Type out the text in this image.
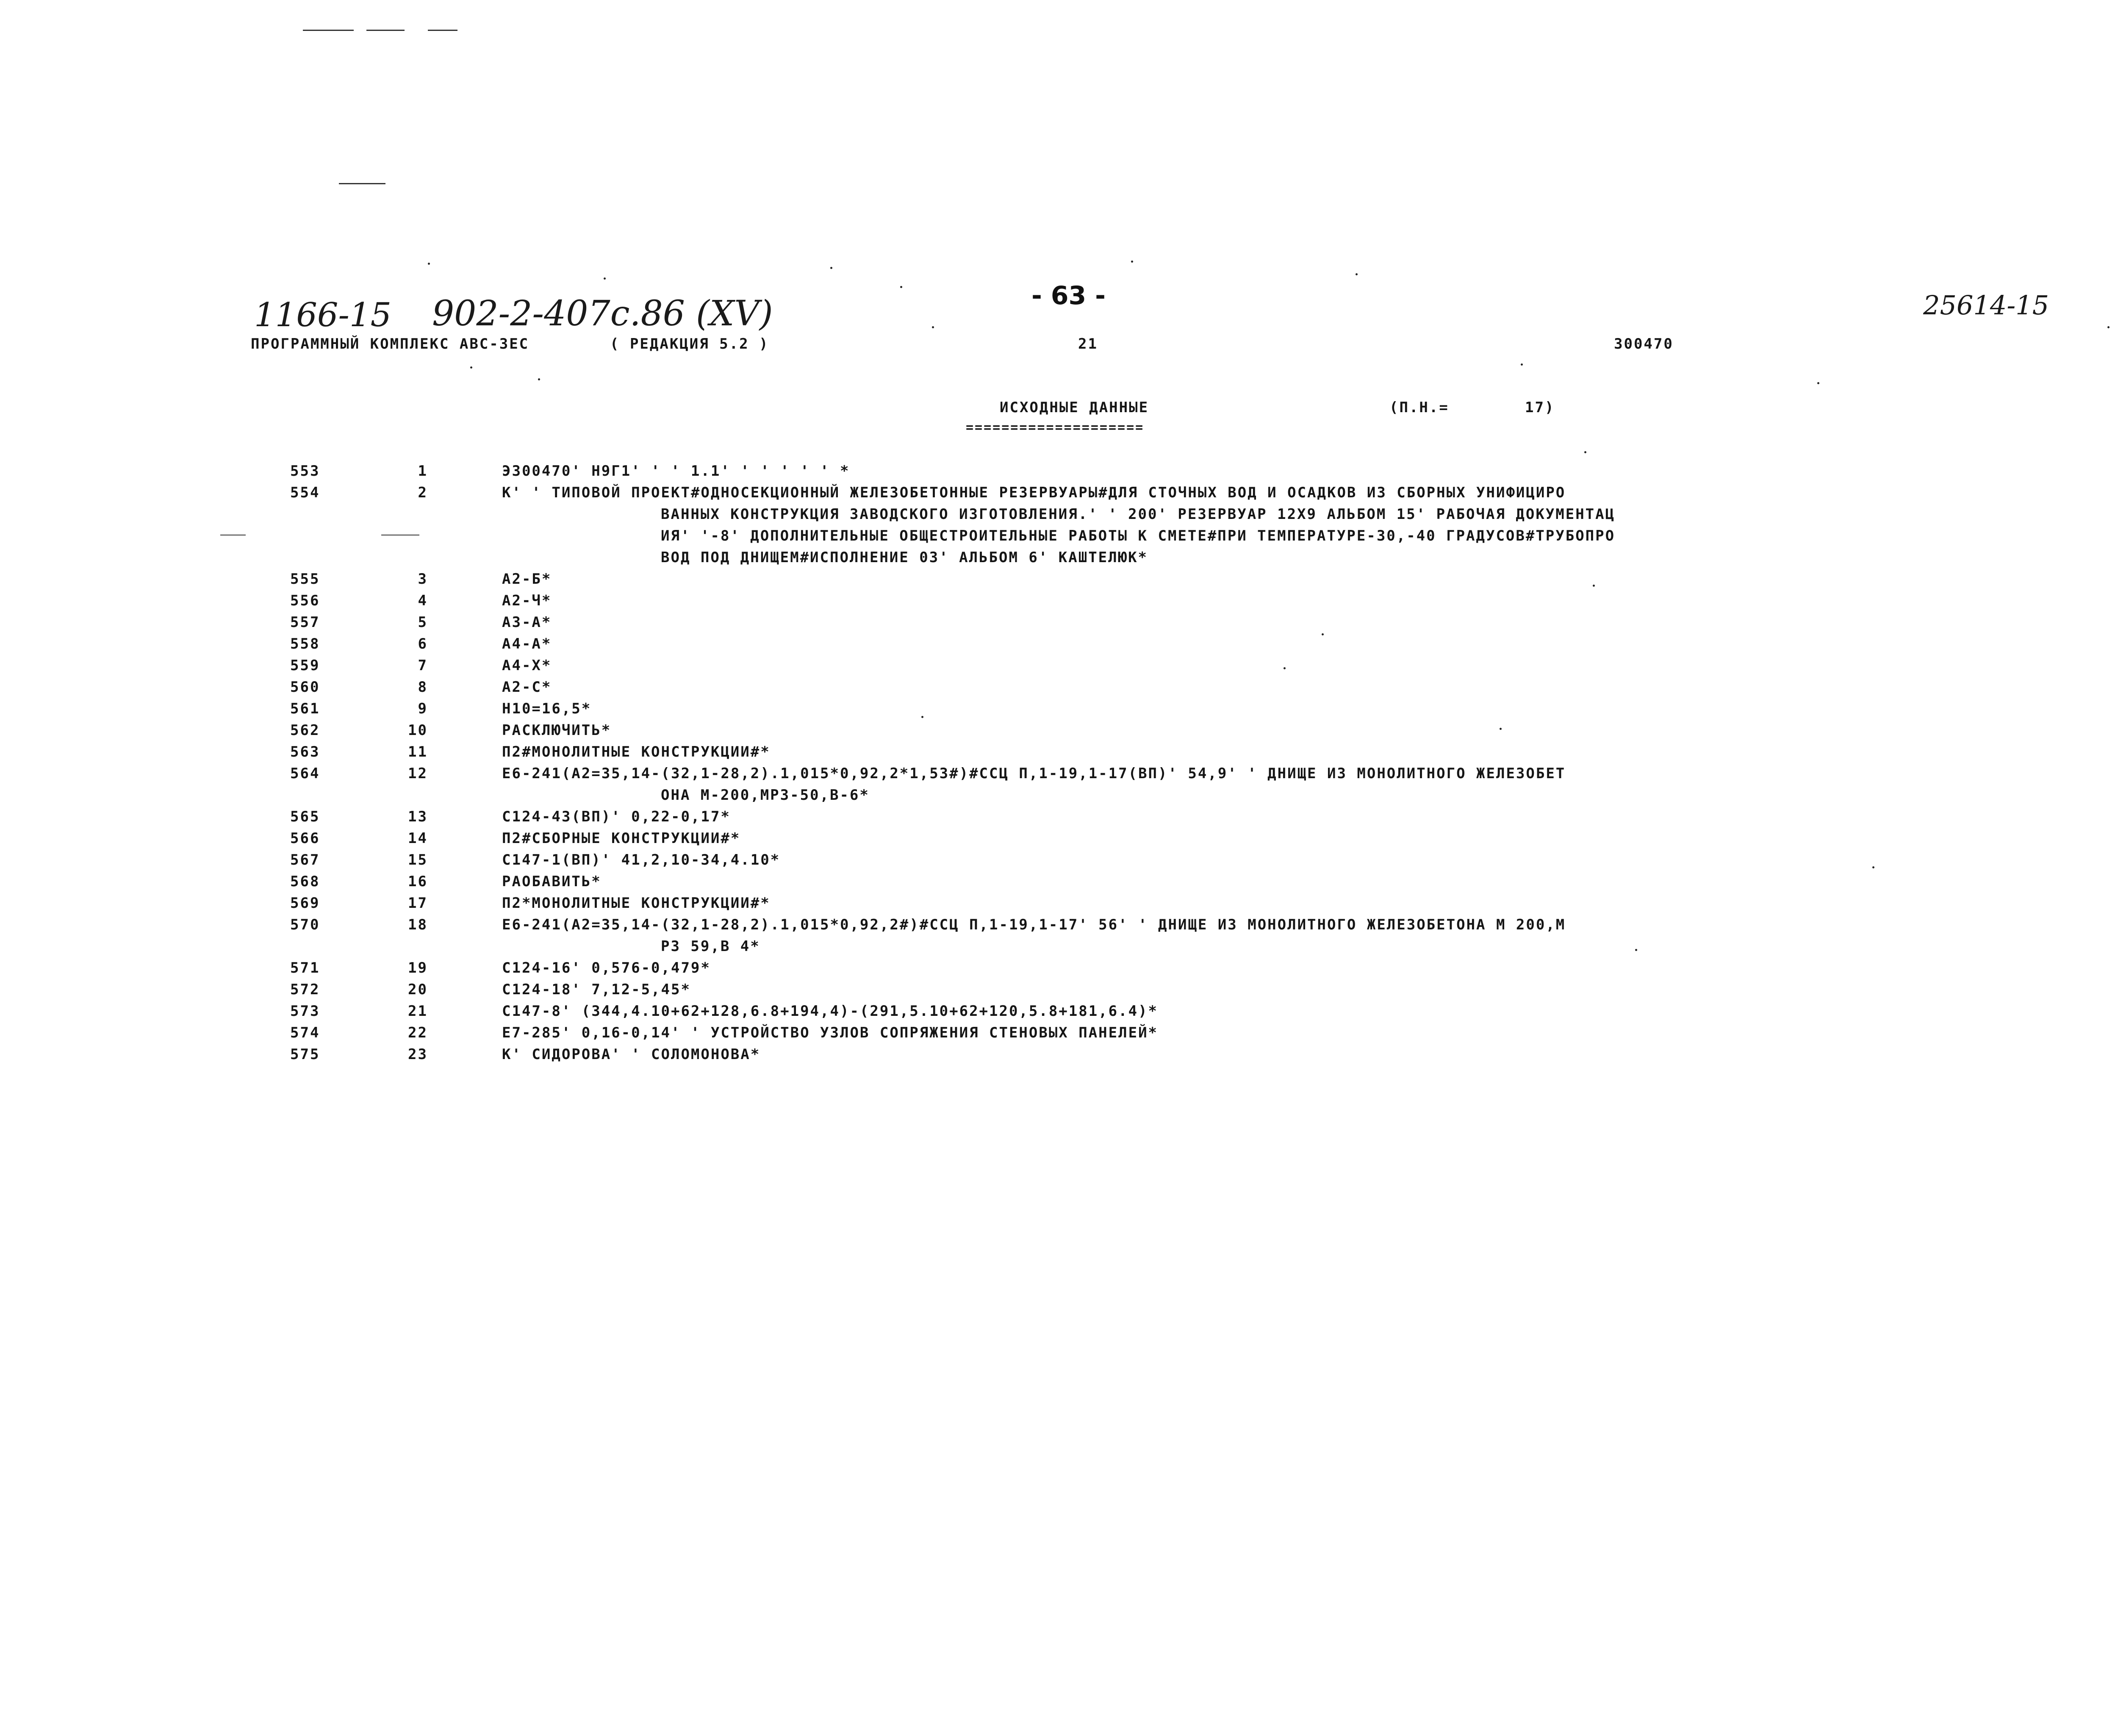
- 63 -
1166-15 902-2-407c.86 (XV)	25614-15
ПРОГРАММНЫЙ КОМПЛЕКС АВС-ЗЕС	( РЕДАКЦИЯ 5.2 )	21	300470
ИСХОДНЫЕ ДАННЫЕ
====================
(П.Н.=	17)
553	1	Э300470' Н9Г1' ' ' 1.1' ' ' ' ' ' *
554	2	К' ' ТИПОВОЙ ПРОЕКТ#ОДНОСЕКЦИОННЫЙ ЖЕЛЕЗОБЕТОННЫЕ РЕЗЕРВУАРЫ#ДЛЯ СТОЧНЫХ ВОД И ОСАДКОВ ИЗ СБОРНЫХ УНИФИЦИРО
ВАННЫХ КОНСТРУКЦИЯ ЗАВОДСКОГО ИЗГОТОВЛЕНИЯ.' ' 200' РЕЗЕРВУАР 12Х9 АЛЬБОМ 15' РАБОЧАЯ ДОКУМЕНТАЦ
ИЯ' '-8' ДОПОЛНИТЕЛЬНЫЕ ОБЩЕСТРОИТЕЛЬНЫЕ РАБОТЫ К СМЕТЕ#ПРИ ТЕМПЕРАТУРЕ-30,-40 ГРАДУСОВ#ТРУБОПРО
ВОД ПОД ДНИЩЕМ#ИСПОЛНЕНИЕ 03' АЛЬБОМ 6' КАШТЕЛЮК*
555	3	А2-Б*
556	4	А2-Ч*
557	5	А3-А*
558	6	А4-А*
559	7	А4-Х*
560	8	А2-С*
561	9	Н10=16,5*
562	10	РАСКЛЮЧИТЬ*
563	11	П2#МОНОЛИТНЫЕ КОНСТРУКЦИИ#*
564	12	Е6-241(А2=35,14-(32,1-28,2).1,015*0,92,2*1,53#)#ССЦ П,1-19,1-17(ВП)' 54,9' ' ДНИЩЕ ИЗ МОНОЛИТНОГО ЖЕЛЕЗОБЕТ
ОНА М-200,МРЗ-50,В-6*
565	13	С124-43(ВП)' 0,22-0,17*
566	14	П2#СБОРНЫЕ КОНСТРУКЦИИ#*
567	15	С147-1(ВП)' 41,2,10-34,4.10*
568	16	РАОБАВИТЬ*
569	17	П2*МОНОЛИТНЫЕ КОНСТРУКЦИИ#*
570	18	Е6-241(А2=35,14-(32,1-28,2).1,015*0,92,2#)#ССЦ П,1-19,1-17' 56' ' ДНИЩЕ ИЗ МОНОЛИТНОГО ЖЕЛЕЗОБЕТОНА М 200,М
РЗ 59,В 4*
571	19	С124-16' 0,576-0,479*
572	20	С124-18' 7,12-5,45*
573	21	С147-8' (344,4.10+62+128,6.8+194,4)-(291,5.10+62+120,5.8+181,6.4)*
574	22	Е7-285' 0,16-0,14' ' УСТРОЙСТВО УЗЛОВ СОПРЯЖЕНИЯ СТЕНОВЫХ ПАНЕЛЕЙ*
575	23	К' СИДОРОВА' ' СОЛОМОНОВА*
